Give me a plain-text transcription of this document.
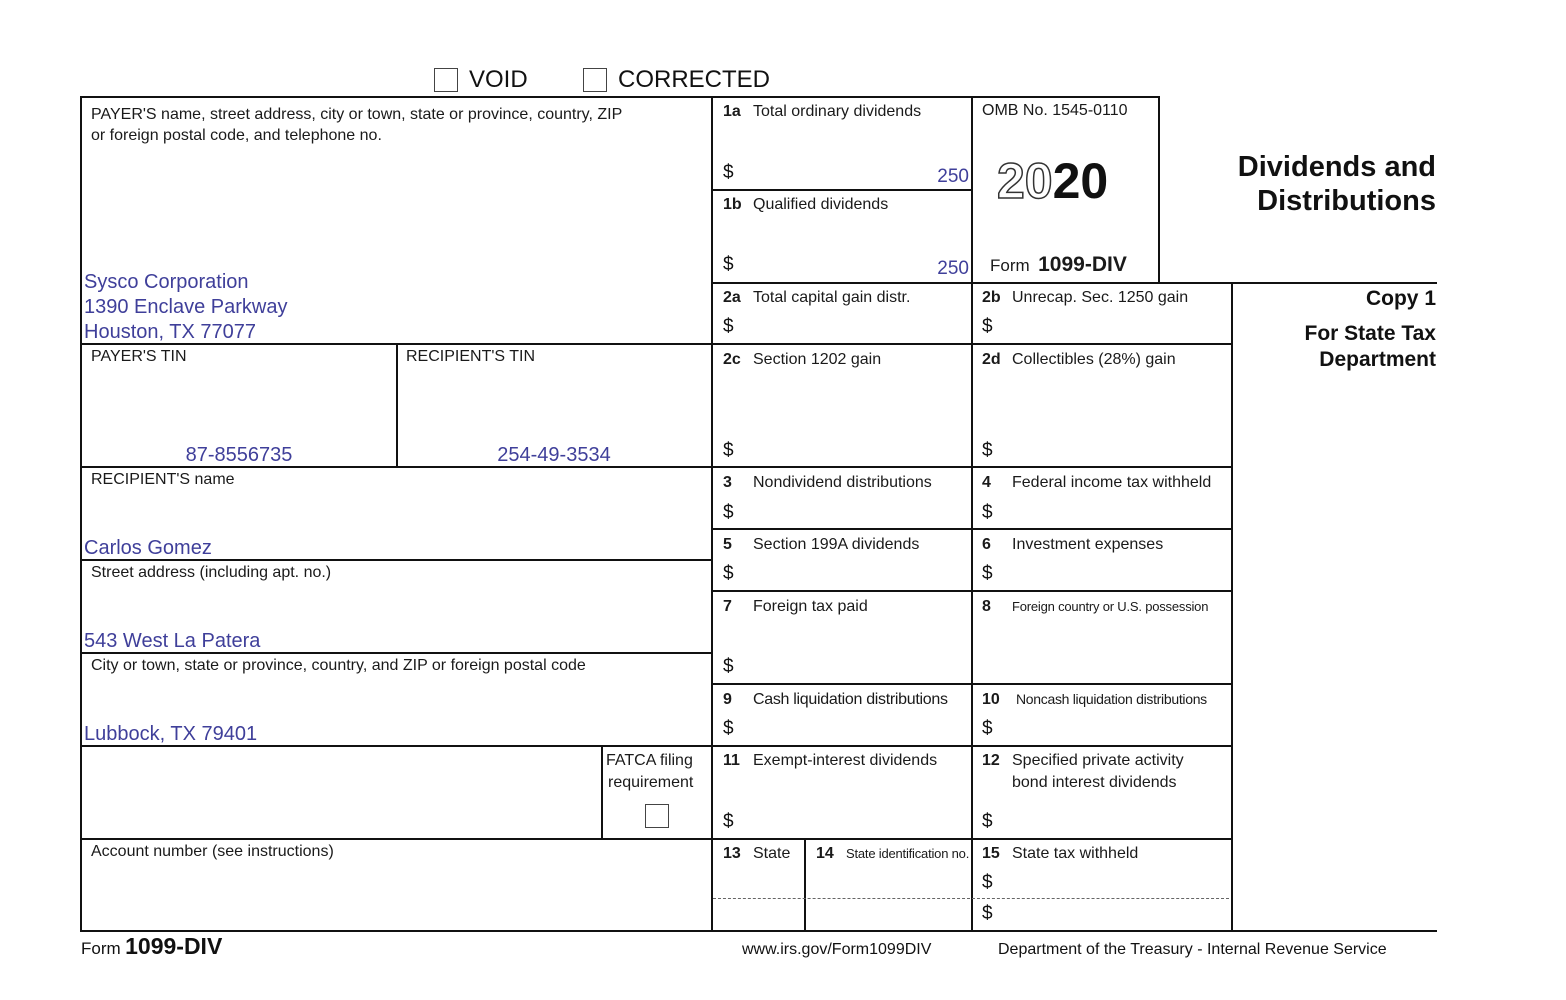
VOID	CORRECTED
PAYER'S name, street address, city or town, state or province, country, ZIP
or foreign postal code, and telephone no.
Sysco Corporation
1390 Enclave Parkway
Houston, TX 77077
PAYER'S TIN
87-8556735
RECIPIENT'S TIN
254-49-3534
RECIPIENT'S name
Carlos Gomez
Street address (including apt. no.)
543 West La Patera
City or town, state or province, country, and ZIP or foreign postal code
Lubbock, TX 79401
FATCA filing
requirement
Account number (see instructions)
1a Total ordinary dividends
$	250
1b Qualified dividends
$	250
OMB No. 1545-0110
2020
Form 1099-DIV
Dividends and
Distributions
Copy 1
For State Tax
Department
2a Total capital gain distr.
$
2b Unrecap. Sec. 1250 gain
$
2c Section 1202 gain
$
2d Collectibles (28%) gain
$
3 Nondividend distributions
$
4 Federal income tax withheld
$
5 Section 199A dividends
$
6 Investment expenses
$
7 Foreign tax paid
$
8 Foreign country or U.S. possession
9 Cash liquidation distributions
$
10 Noncash liquidation distributions
$
11 Exempt-interest dividends
$
12 Specified private activity
bond interest dividends
$
13 State 14 State identification no. 15 State tax withheld
$
$
Form 1099-DIV	www.irs.gov/Form1099DIV	Department of the Treasury - Internal Revenue Service
